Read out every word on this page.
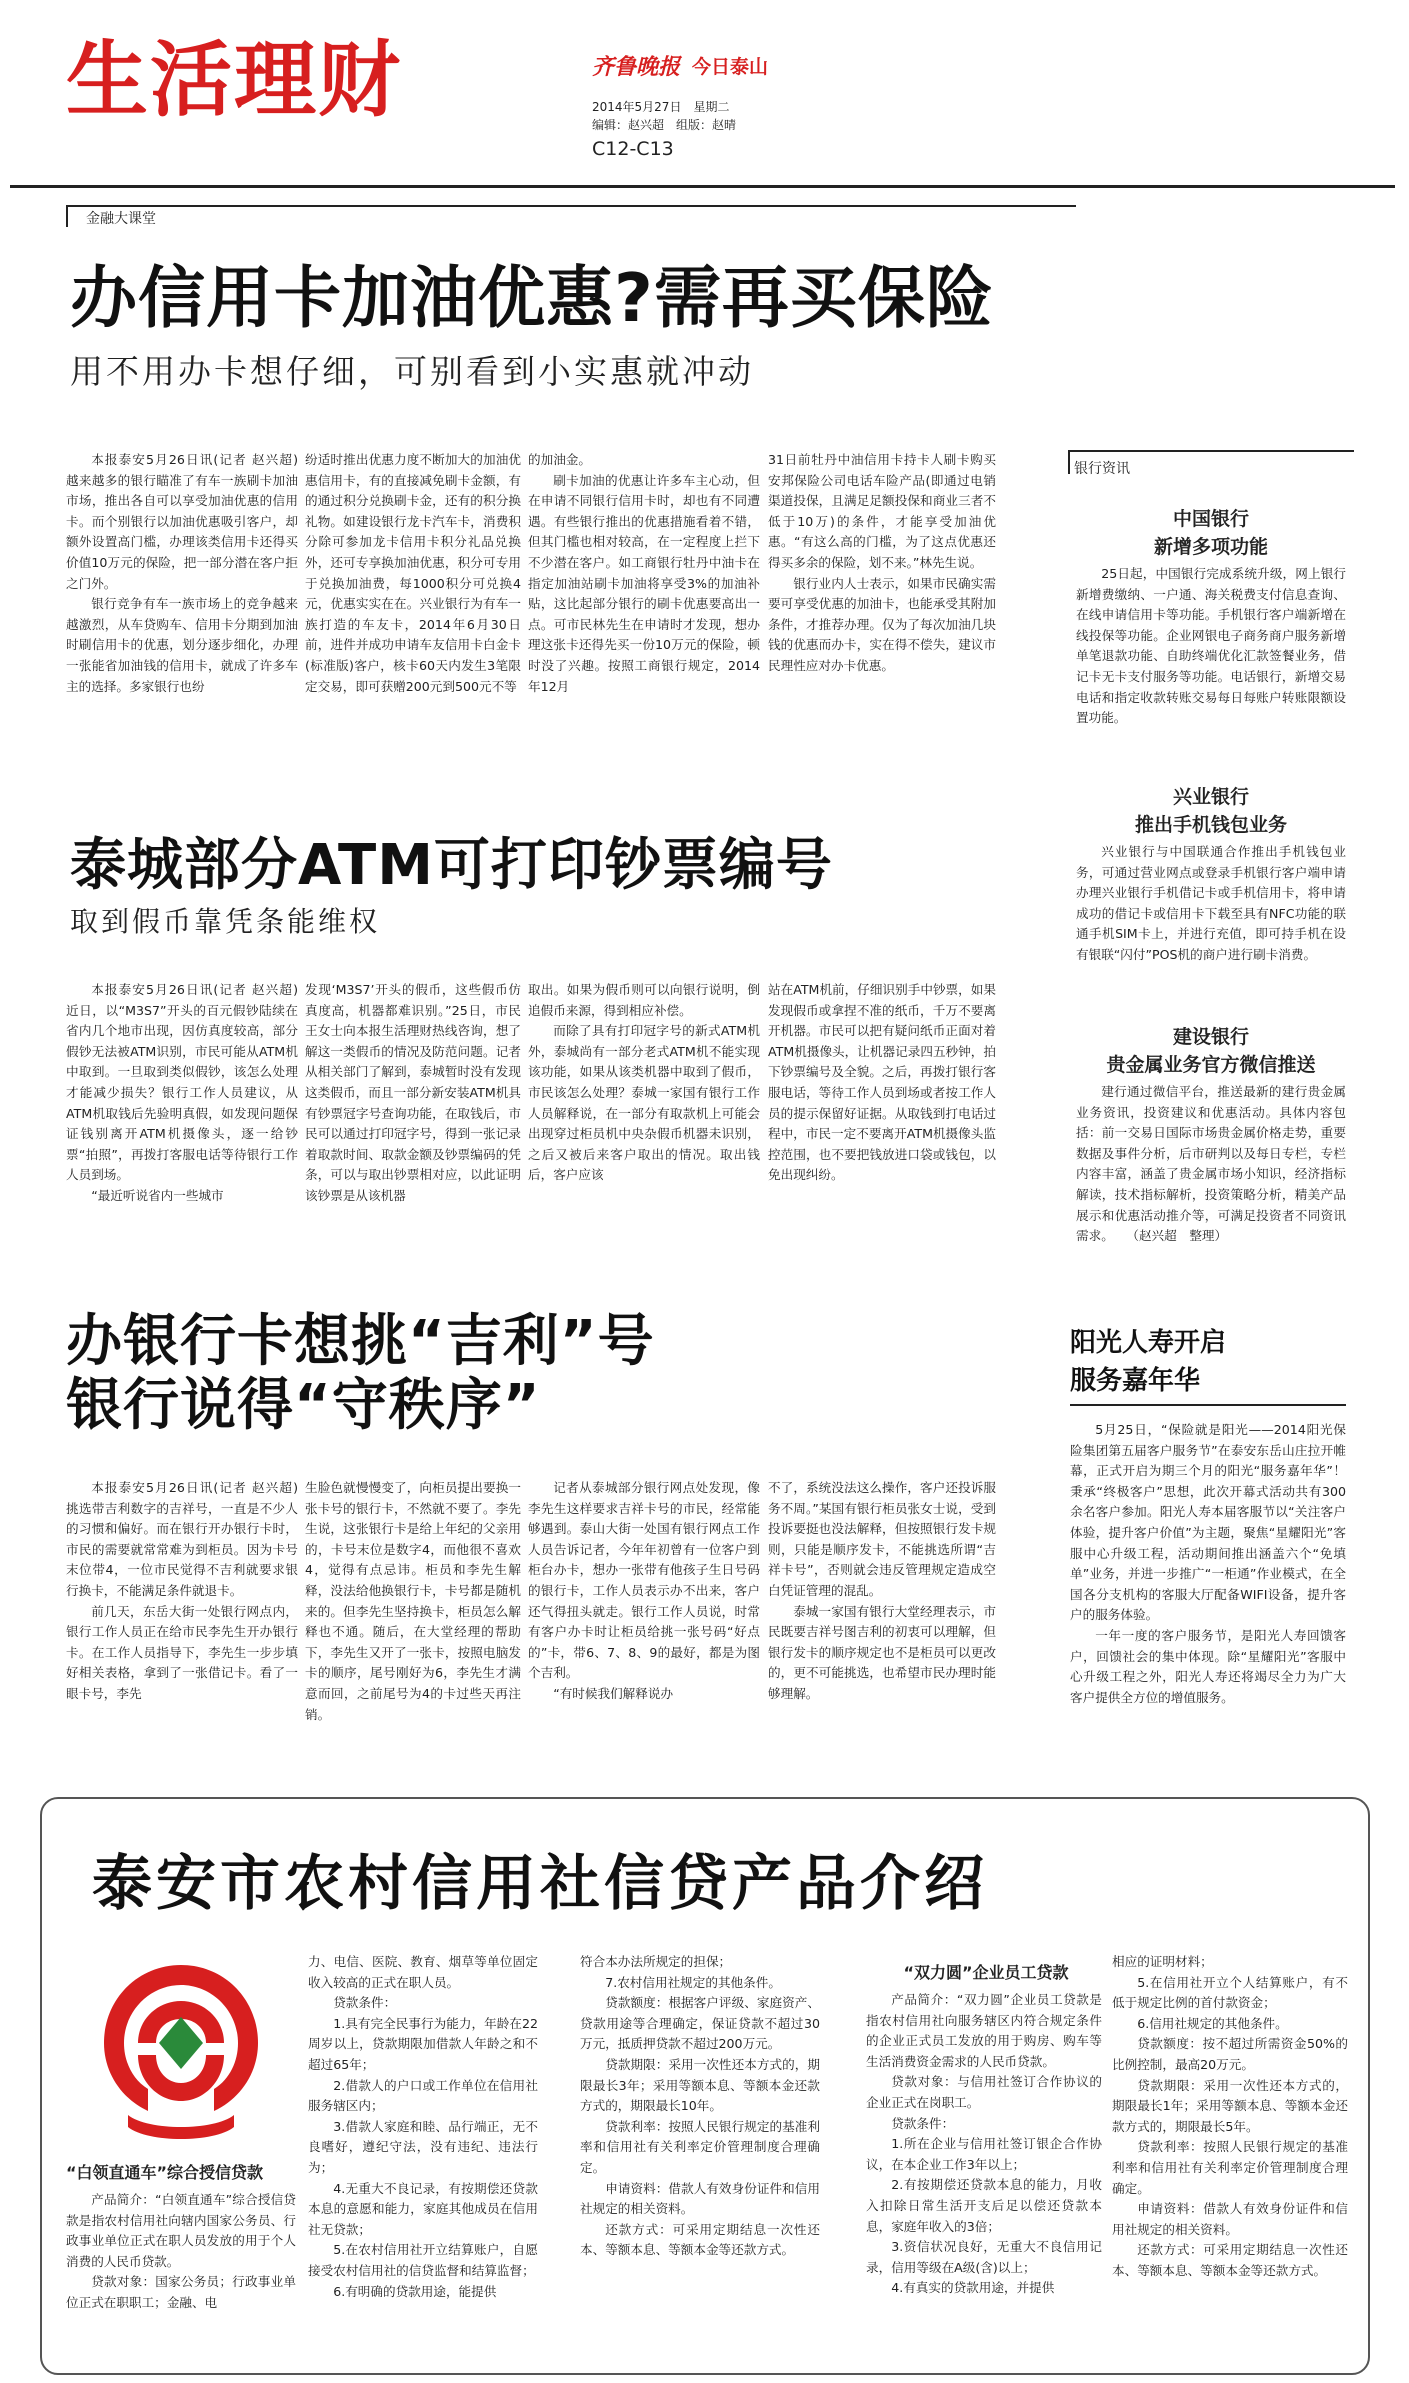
生活理财	齐鲁晚报 今日泰山
2014年5月27日　星期二
编辑：赵兴超　组版：赵晴
C12-C13
金融大课堂
办信用卡加油优惠?需再买保险
用不用办卡想仔细，可别看到小实惠就冲动

本报泰安5月26日讯(记者 赵兴超)　越来越多的银行瞄准了有车一族刷卡加油市场，推出各自可以享受加油优惠的信用卡。而个别银行以加油优惠吸引客户，却额外设置高门槛，办理该类信用卡还得买价值10万元的保险，把一部分潜在客户拒之门外。

银行竞争有车一族市场上的竞争越来越激烈，从车贷购车、信用卡分期到加油时刷信用卡的优惠，划分逐步细化，办理一张能省加油钱的信用卡，就成了许多车主的选择。多家银行也纷

纷适时推出优惠力度不断加大的加油优惠信用卡，有的直接减免刷卡金额，有的通过积分兑换刷卡金，还有的积分换礼物。如建设银行龙卡汽车卡，消费积分除可参加龙卡信用卡积分礼品兑换外，还可专享换加油优惠，积分可专用于兑换加油费，每1000积分可兑换4元，优惠实实在在。兴业银行为有车一族打造的车友卡，2014年6月30日前，进件并成功申请车友信用卡白金卡(标准版)客户，核卡60天内发生3笔限定交易，即可获赠200元到500元不等

的加油金。

刷卡加油的优惠让许多车主心动，但在申请不同银行信用卡时，却也有不同遭遇。有些银行推出的优惠措施看着不错，但其门槛也相对较高，在一定程度上拦下不少潜在客户。如工商银行牡丹中油卡在指定加油站刷卡加油将享受3%的加油补贴，这比起部分银行的刷卡优惠要高出一点。可市民林先生在申请时才发现，想办理这张卡还得先买一份10万元的保险，顿时没了兴趣。按照工商银行规定，2014年12月

31日前牡丹中油信用卡持卡人刷卡购买安邦保险公司电话车险产品(即通过电销渠道投保，且满足足额投保和商业三者不低于10万)的条件，才能享受加油优惠。“有这么高的门槛，为了这点优惠还得买多余的保险，划不来。”林先生说。

银行业内人士表示，如果市民确实需要可享受优惠的加油卡，也能承受其附加条件，才推荐办理。仅为了每次加油几块钱的优惠而办卡，实在得不偿失，建议市民理性应对办卡优惠。

银行资讯
中国银行
新增多项功能

25日起，中国银行完成系统升级，网上银行新增费缴纳、一户通、海关税费支付信息查询、在线申请信用卡等功能。手机银行客户端新增在线投保等功能。企业网银电子商务商户服务新增单笔退款功能、自助终端优化汇款签餐业务，借记卡无卡支付服务等功能。电话银行，新增交易电话和指定收款转账交易每日每账户转账限额设置功能。

兴业银行
推出手机钱包业务

兴业银行与中国联通合作推出手机钱包业务，可通过营业网点或登录手机银行客户端申请办理兴业银行手机借记卡或手机信用卡，将申请成功的借记卡或信用卡下载至具有NFC功能的联通手机SIM卡上，并进行充值，即可持手机在设有银联“闪付”POS机的商户进行刷卡消费。

建设银行
贵金属业务官方微信推送

建行通过微信平台，推送最新的建行贵金属业务资讯，投资建议和优惠活动。具体内容包括：前一交易日国际市场贵金属价格走势，重要数据及事件分析，后市研判以及每日专栏，专栏内容丰富，涵盖了贵金属市场小知识，经济指标解读，技术指标解析，投资策略分析，精美产品展示和优惠活动推介等，可满足投资者不同资讯需求。　　（赵兴超　整理）

泰城部分ATM可打印钞票编号
取到假币靠凭条能维权

本报泰安5月26日讯(记者 赵兴超)　近日，以“M3S7”开头的百元假钞陆续在省内几个地市出现，因仿真度较高，部分假钞无法被ATM识别，市民可能从ATM机中取到。一旦取到类似假钞，该怎么处理才能减少损失？银行工作人员建议，从ATM机取钱后先验明真假，如发现问题保证钱别离开ATM机摄像头，逐一给钞票“拍照”，再拨打客服电话等待银行工作人员到场。

“最近听说省内一些城市

发现‘M3S7’开头的假币，这些假币仿真度高，机器都难识别。”25日，市民王女士向本报生活理财热线咨询，想了解这一类假币的情况及防范问题。记者从相关部门了解到，泰城暂时没有发现这类假币，而且一部分新安装ATM机具有钞票冠字号查询功能，在取钱后，市民可以通过打印冠字号，得到一张记录着取款时间、取款金额及钞票编码的凭条，可以与取出钞票相对应，以此证明该钞票是从该机器

取出。如果为假币则可以向银行说明，倒追假币来源，得到相应补偿。

而除了具有打印冠字号的新式ATM机外，泰城尚有一部分老式ATM机不能实现该功能，如果从该类机器中取到了假币，市民该怎么处理？泰城一家国有银行工作人员解释说，在一部分有取款机上可能会出现穿过柜员机中央杂假币机器未识别，之后又被后来客户取出的情况。取出钱后，客户应该

站在ATM机前，仔细识别手中钞票，如果发现假币或拿捏不准的纸币，千万不要离开机器。市民可以把有疑问纸币正面对着ATM机摄像头，让机器记录四五秒钟，拍下钞票编号及全貌。之后，再拨打银行客服电话，等待工作人员到场或者按工作人员的提示保留好证据。从取钱到打电话过程中，市民一定不要离开ATM机摄像头监控范围，也不要把钱放进口袋或钱包，以免出现纠纷。

办银行卡想挑“吉利”号
银行说得“守秩序”

本报泰安5月26日讯(记者 赵兴超)　挑选带吉利数字的吉祥号，一直是不少人的习惯和偏好。而在银行开办银行卡时，市民的需要就常常难为到柜员。因为卡号末位带4，一位市民觉得不吉利就要求银行换卡，不能满足条件就退卡。

前几天，东岳大街一处银行网点内，银行工作人员正在给市民李先生开办银行卡。在工作人员指导下，李先生一步步填好相关表格，拿到了一张借记卡。看了一眼卡号，李先

生脸色就慢慢变了，向柜员提出要换一张卡号的银行卡，不然就不要了。李先生说，这张银行卡是给上年纪的父亲用的，卡号末位是数字4，而他很不喜欢4，觉得有点忌讳。柜员和李先生解释，没法给他换银行卡，卡号都是随机来的。但李先生坚持换卡，柜员怎么解释也不通。随后，在大堂经理的帮助下，李先生又开了一张卡，按照电脑发卡的顺序，尾号刚好为6，李先生才满意而回，之前尾号为4的卡过些天再注销。

记者从泰城部分银行网点处发现，像李先生这样要求吉祥卡号的市民，经常能够遇到。泰山大街一处国有银行网点工作人员告诉记者，今年年初曾有一位客户到柜台办卡，想办一张带有他孩子生日号码的银行卡，工作人员表示办不出来，客户还气得扭头就走。银行工作人员说，时常有客户办卡时让柜员给挑一张号码“好点的”卡，带6、7、8、9的最好，都是为图个吉利。

“有时候我们解释说办

不了，系统没法这么操作，客户还投诉服务不周。”某国有银行柜员张女士说，受到投诉要挺也没法解释，但按照银行发卡规则，只能是顺序发卡，不能挑选所谓“吉祥卡号”，否则就会违反管理规定造成空白凭证管理的混乱。

泰城一家国有银行大堂经理表示，市民既要吉祥号图吉利的初衷可以理解，但银行发卡的顺序规定也不是柜员可以更改的，更不可能挑选，也希望市民办理时能够理解。

阳光人寿开启
服务嘉年华

5月25日，“保险就是阳光——2014阳光保险集团第五届客户服务节”在泰安东岳山庄拉开帷幕，正式开启为期三个月的阳光“服务嘉年华”！秉承“终极客户”思想，此次开幕式活动共有300余名客户参加。阳光人寿本届客服节以“关注客户体验，提升客户价值”为主题，聚焦“星耀阳光”客服中心升级工程，活动期间推出涵盖六个“免填单”业务，并进一步推广“一柜通”作业模式，在全国各分支机构的客服大厅配备WIFI设备，提升客户的服务体验。

一年一度的客户服务节，是阳光人寿回馈客户，回馈社会的集中体现。除“星耀阳光”客服中心升级工程之外，阳光人寿还将竭尽全力为广大客户提供全方位的增值服务。

泰安市农村信用社信贷产品介绍
“白领直通车”综合授信贷款

产品简介：“白领直通车”综合授信贷款是指农村信用社向辖内国家公务员、行政事业单位正式在职人员发放的用于个人消费的人民币贷款。

贷款对象：国家公务员；行政事业单位正式在职职工；金融、电

力、电信、医院、教育、烟草等单位固定收入较高的正式在职人员。

贷款条件：

1.具有完全民事行为能力，年龄在22周岁以上，贷款期限加借款人年龄之和不超过65年；

2.借款人的户口或工作单位在信用社服务辖区内；

3.借款人家庭和睦、品行端正，无不良嗜好，遵纪守法，没有违纪、违法行为；

4.无重大不良记录，有按期偿还贷款本息的意愿和能力，家庭其他成员在信用社无贷款；

5.在农村信用社开立结算账户，自愿接受农村信用社的信贷监督和结算监督；

6.有明确的贷款用途，能提供

符合本办法所规定的担保；

7.农村信用社规定的其他条件。

贷款额度：根据客户评级、家庭资产、贷款用途等合理确定，保证贷款不超过30万元，抵质押贷款不超过200万元。

贷款期限：采用一次性还本方式的，期限最长3年；采用等额本息、等额本金还款方式的，期限最长10年。

贷款利率：按照人民银行规定的基准利率和信用社有关利率定价管理制度合理确定。

申请资料：借款人有效身份证件和信用社规定的相关资料。

还款方式：可采用定期结息一次性还本、等额本息、等额本金等还款方式。

“双力圆”企业员工贷款

产品简介：“双力圆”企业员工贷款是指农村信用社向服务辖区内符合规定条件的企业正式员工发放的用于购房、购车等生活消费资金需求的人民币贷款。

贷款对象：与信用社签订合作协议的企业正式在岗职工。

贷款条件：

1.所在企业与信用社签订银企合作协议，在本企业工作3年以上；

2.有按期偿还贷款本息的能力，月收入扣除日常生活开支后足以偿还贷款本息，家庭年收入的3倍；

3.资信状况良好，无重大不良信用记录，信用等级在A级(含)以上；

4.有真实的贷款用途，并提供

相应的证明材料；

5.在信用社开立个人结算账户，有不低于规定比例的首付款资金；

6.信用社规定的其他条件。

贷款额度：按不超过所需资金50%的比例控制，最高20万元。

贷款期限：采用一次性还本方式的，期限最长1年；采用等额本息、等额本金还款方式的，期限最长5年。

贷款利率：按照人民银行规定的基准利率和信用社有关利率定价管理制度合理确定。

申请资料：借款人有效身份证件和信用社规定的相关资料。

还款方式：可采用定期结息一次性还本、等额本息、等额本金等还款方式。
